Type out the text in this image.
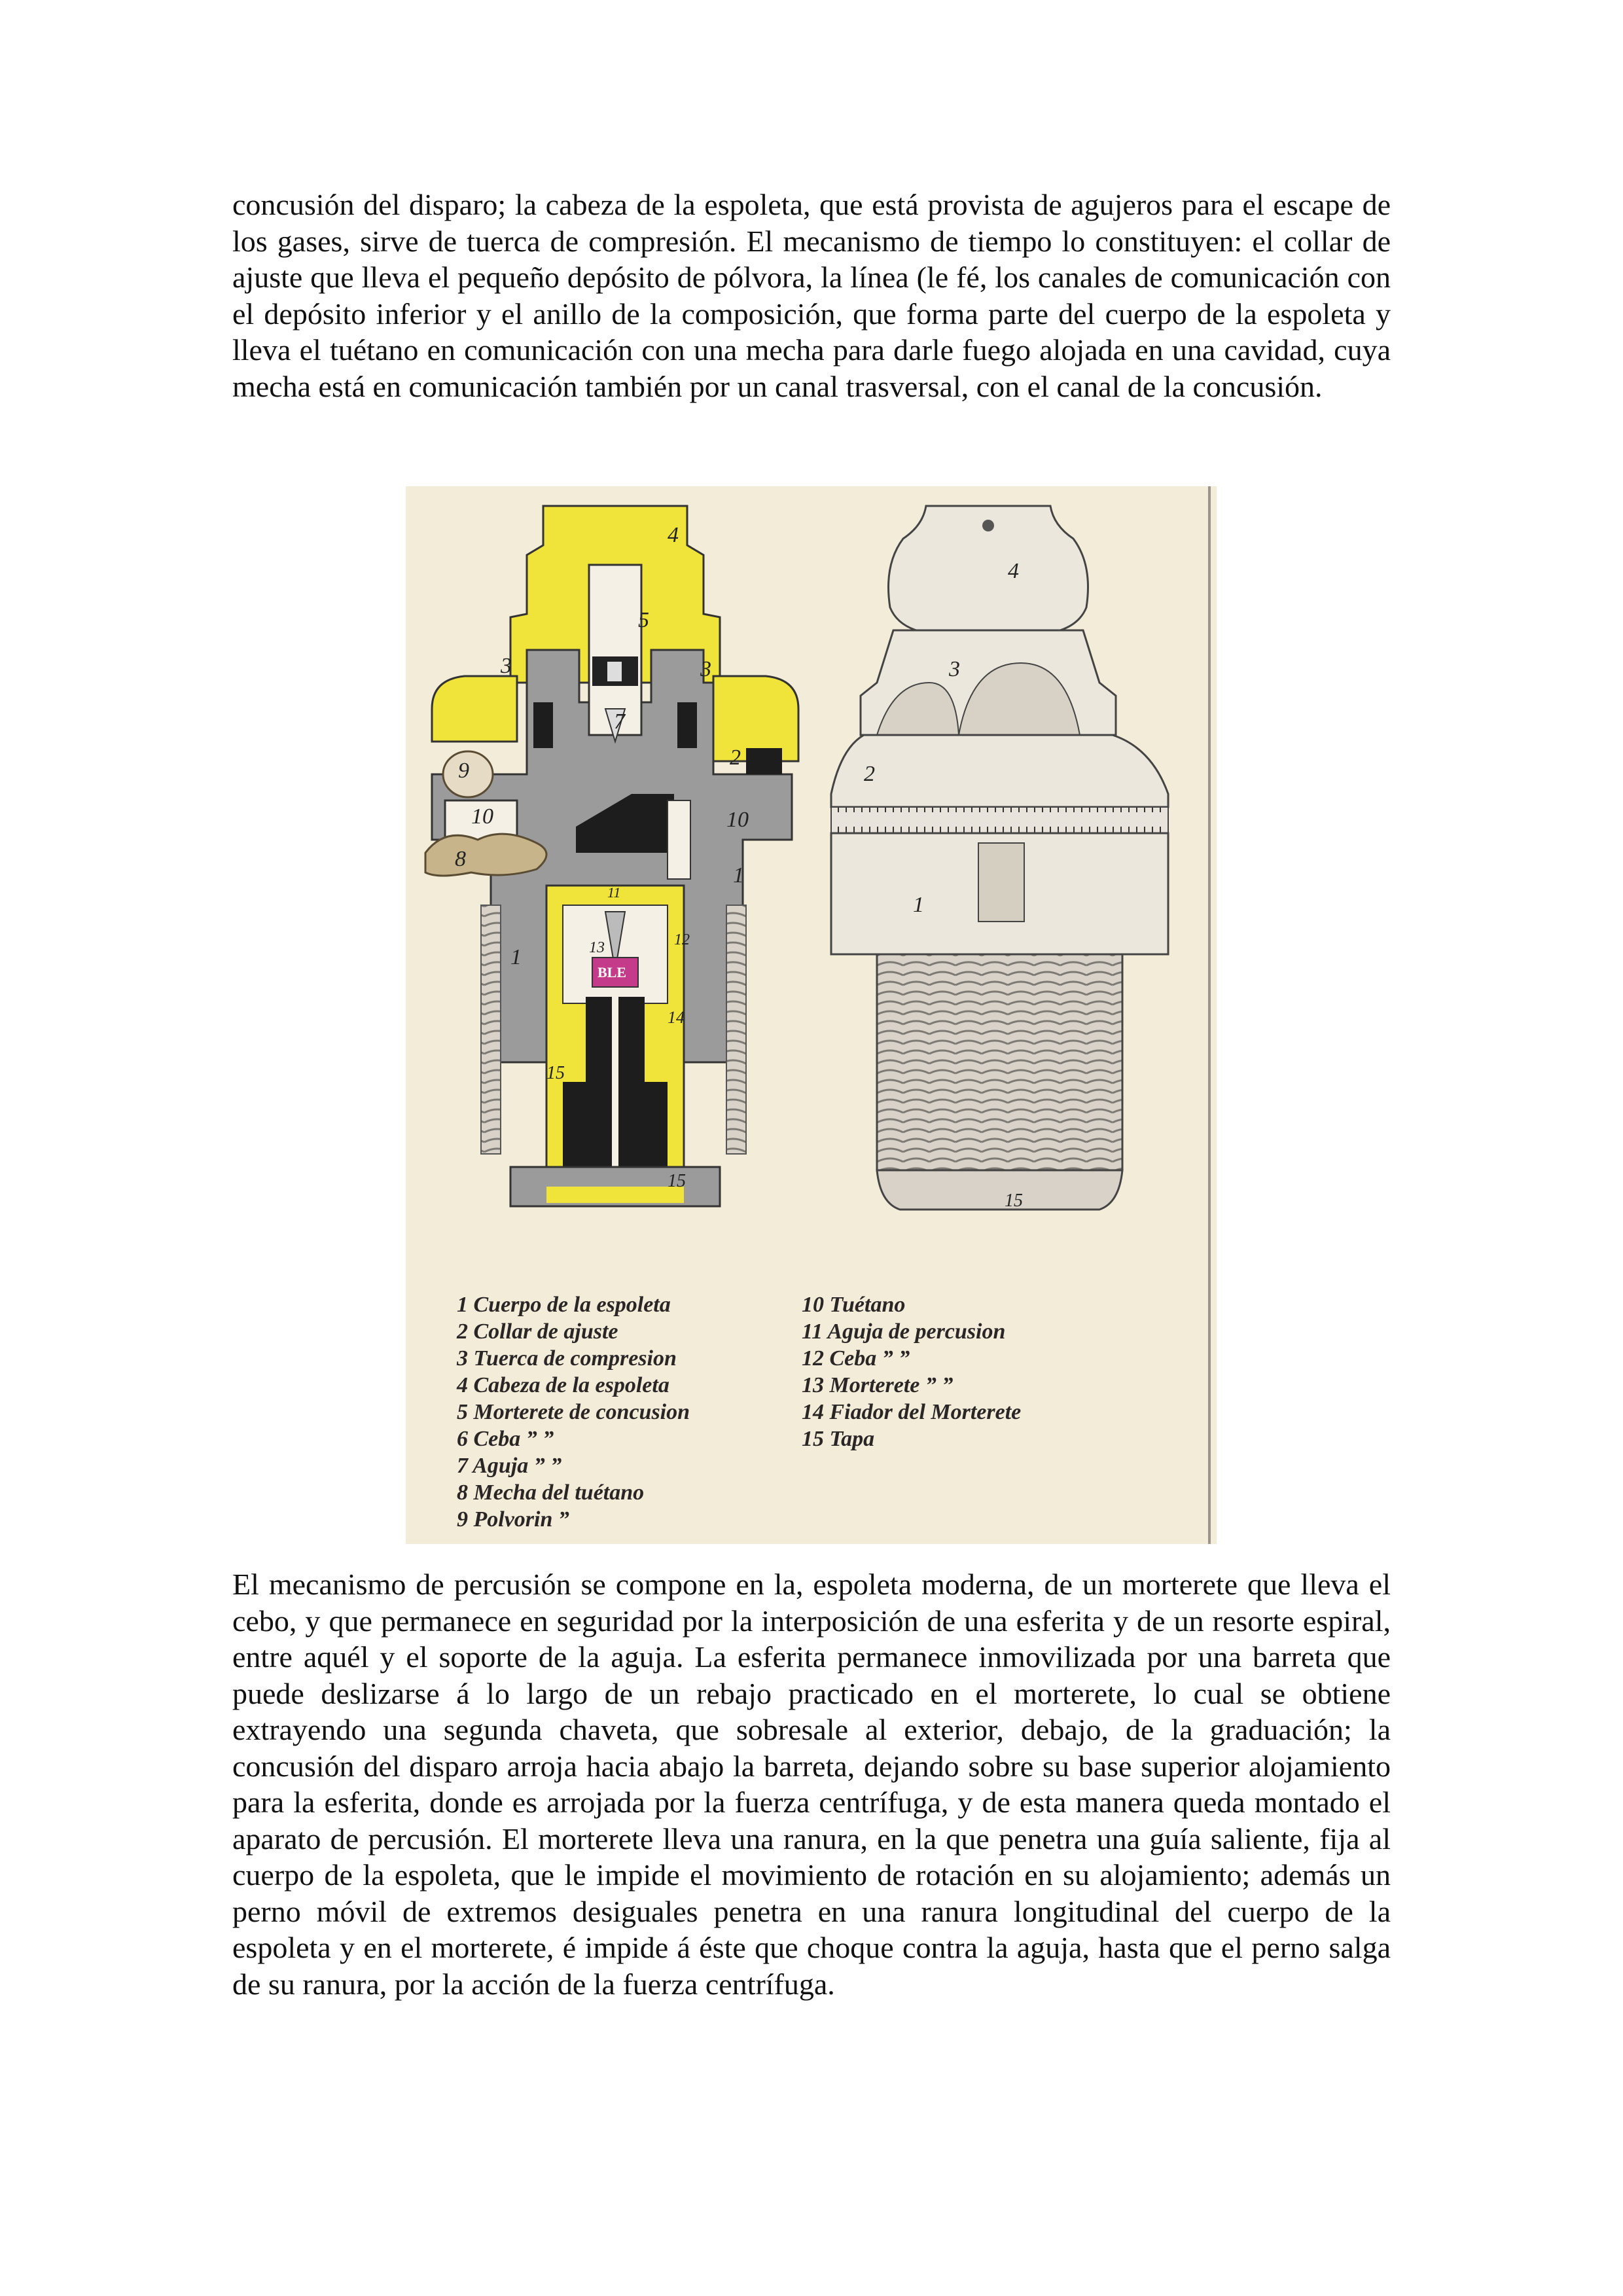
concusión del disparo; la cabeza de la espoleta, que está provista de agujeros para el escape de los gases, sirve de tuerca de compresión. El mecanismo de tiempo lo constituyen: el collar de ajuste que lleva el pequeño depósito de pólvora, la línea (le fé, los canales de comunicación con el depósito inferior y el anillo de la composición, que forma parte del cuerpo de la espoleta y lleva el tuétano en comunicación con una mecha para darle fuego alojada en una cavidad, cuya mecha está en comunicación también por un canal trasversal, con el canal de la concusión.

4
5
3	3
7
9
2
10	10
8
1
11
12
13
14
1
15
15
BLE
4
3
2
1
15
1 Cuerpo de la espoleta
2 Collar de ajuste
3 Tuerca de compresion
4 Cabeza de la espoleta
5 Morterete de concusion
6 Ceba ” ”
7 Aguja ” ”
8 Mecha del tuétano
9 Polvorin ”
10 Tuétano
11 Aguja de percusion
12 Ceba ” ”
13 Morterete ” ”
14 Fiador del Morterete
15 Tapa

El mecanismo de percusión se compone en la, espoleta moderna, de un morterete que lleva el cebo, y que permanece en seguridad por la interposición de una esferita y de un resorte espiral, entre aquél y el soporte de la aguja. La esferita permanece inmovilizada por una barreta que puede deslizarse á lo largo de un rebajo practicado en el morterete, lo cual se obtiene extrayendo una segunda chaveta, que sobresale al exterior, debajo, de la graduación; la concusión del disparo arroja hacia abajo la barreta, dejando sobre su base superior alojamiento para la esferita, donde es arrojada por la fuerza centrífuga, y de esta manera queda montado el aparato de percusión. El morterete lleva una ranura, en la que penetra una guía saliente, fija al cuerpo de la espoleta, que le impide el movimiento de rotación en su alojamiento; además un perno móvil de extremos desiguales penetra en una ranura longitudinal del cuerpo de la espoleta y en el morterete, é impide á éste que choque contra la aguja, hasta que el perno salga de su ranura, por la acción de la fuerza centrífuga.
